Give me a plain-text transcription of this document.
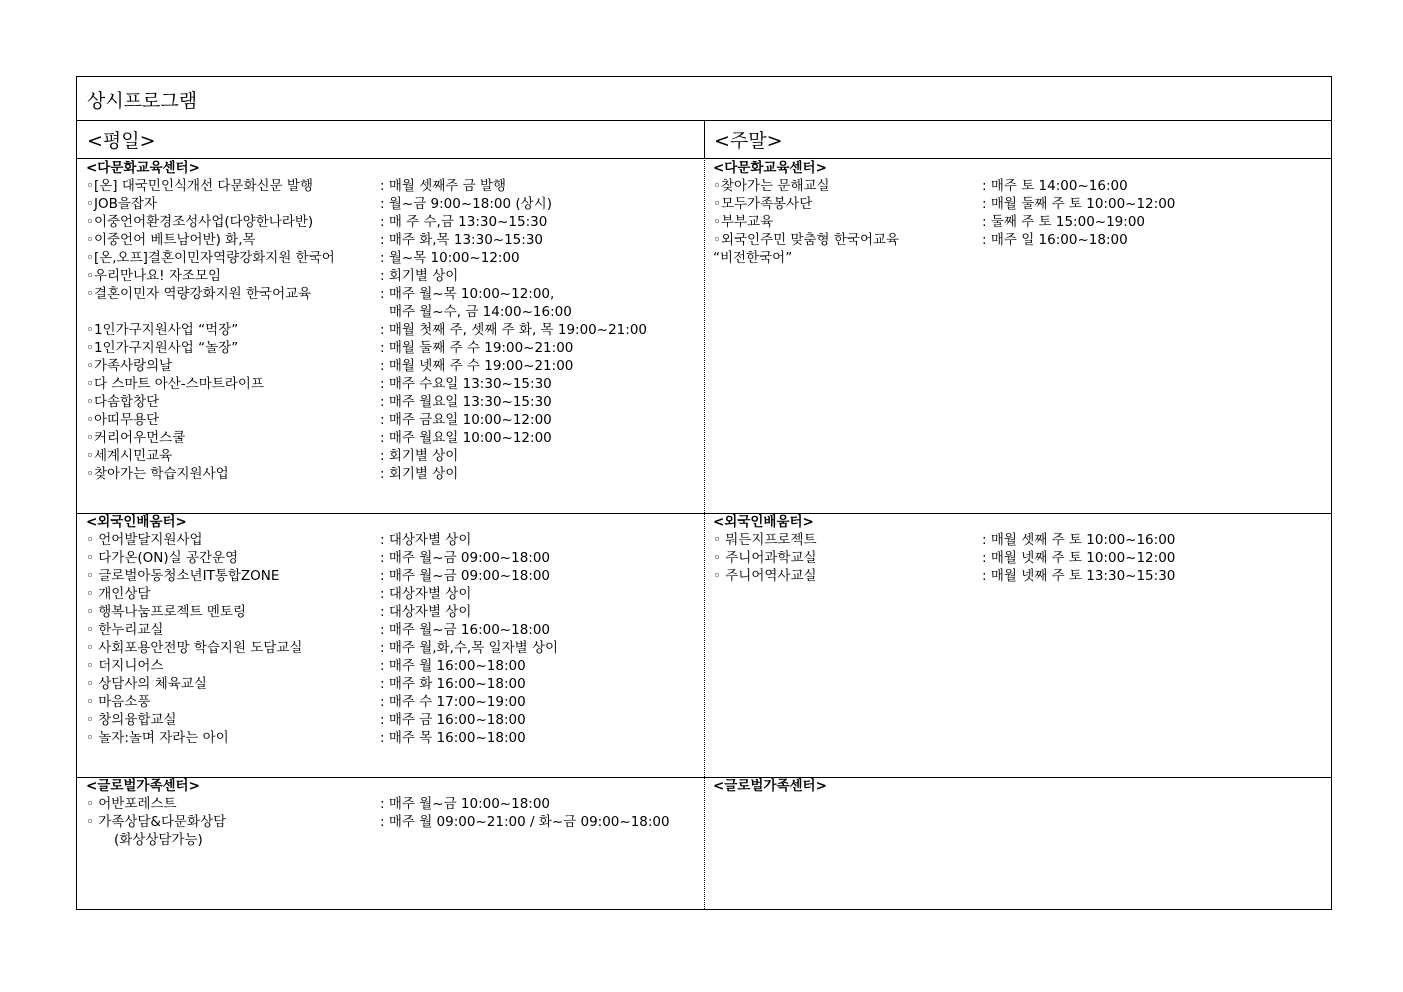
상시프로그램
<평일>	<주말>
<다문화교육센터>
◦[온] 대국민인식개선 다문화신문 발행	: 매월 셋째주 금 발행
◦JOB을잡자	: 월~금 9:00~18:00 (상시)
◦이중언어환경조성사업(다양한나라반)	: 매 주 수,금 13:30~15:30
◦이중언어 베트남어반) 화,목	: 매주 화,목 13:30~15:30
◦[온,오프]결혼이민자역량강화지원 한국어	: 월~목 10:00~12:00
◦우리만나요! 자조모임	: 회기별 상이
◦결혼이민자 역량강화지원 한국어교육	: 매주 월~목 10:00~12:00,
매주 월~수, 금 14:00~16:00
◦1인가구지원사업 “먹장”	: 매월 첫째 주, 셋째 주 화, 목 19:00~21:00
◦1인가구지원사업 “놀장”	: 매월 둘째 주 수 19:00~21:00
◦가족사랑의날	: 매월 넷째 주 수 19:00~21:00
◦다 스마트 아산-스마트라이프	: 매주 수요일 13:30~15:30
◦다솜합창단	: 매주 월요일 13:30~15:30
◦아띠무용단	: 매주 금요일 10:00~12:00
◦커리어우먼스쿨	: 매주 월요일 10:00~12:00
◦세계시민교육	: 회기별 상이
◦찾아가는 학습지원사업	: 회기별 상이
<다문화교육센터>
◦찾아가는 문해교실	: 매주 토 14:00~16:00
◦모두가족봉사단	: 매월 둘째 주 토 10:00~12:00
◦부부교육	: 둘째 주 토 15:00~19:00
◦외국인주민 맞춤형 한국어교육	: 매주 일 16:00~18:00
“비전한국어”
<외국인배움터>
◦ 언어발달지원사업	: 대상자별 상이
◦ 다가온(ON)실 공간운영	: 매주 월~금 09:00~18:00
◦ 글로벌아동청소년IT통합ZONE	: 매주 월~금 09:00~18:00
◦ 개인상담	: 대상자별 상이
◦ 행복나눔프로젝트 멘토링	: 대상자별 상이
◦ 한누리교실	: 매주 월~금 16:00~18:00
◦ 사회포용안전망 학습지원 도담교실	: 매주 월,화,수,목 일자별 상이
◦ 더지니어스	: 매주 월 16:00~18:00
◦ 상담사의 체육교실	: 매주 화 16:00~18:00
◦ 마음소풍	: 매주 수 17:00~19:00
◦ 창의융합교실	: 매주 금 16:00~18:00
◦ 놀자:놀며 자라는 아이	: 매주 목 16:00~18:00
<외국인배움터>
◦ 뭐든지프로젝트	: 매월 셋째 주 토 10:00~16:00
◦ 주니어과학교실	: 매월 넷째 주 토 10:00~12:00
◦ 주니어역사교실	: 매월 넷째 주 토 13:30~15:30
<글로벌가족센터>
◦ 어반포레스트	: 매주 월~금 10:00~18:00
◦ 가족상담&다문화상담	: 매주 월 09:00~21:00 / 화~금 09:00~18:00
(화상상담가능)
<글로벌가족센터>
